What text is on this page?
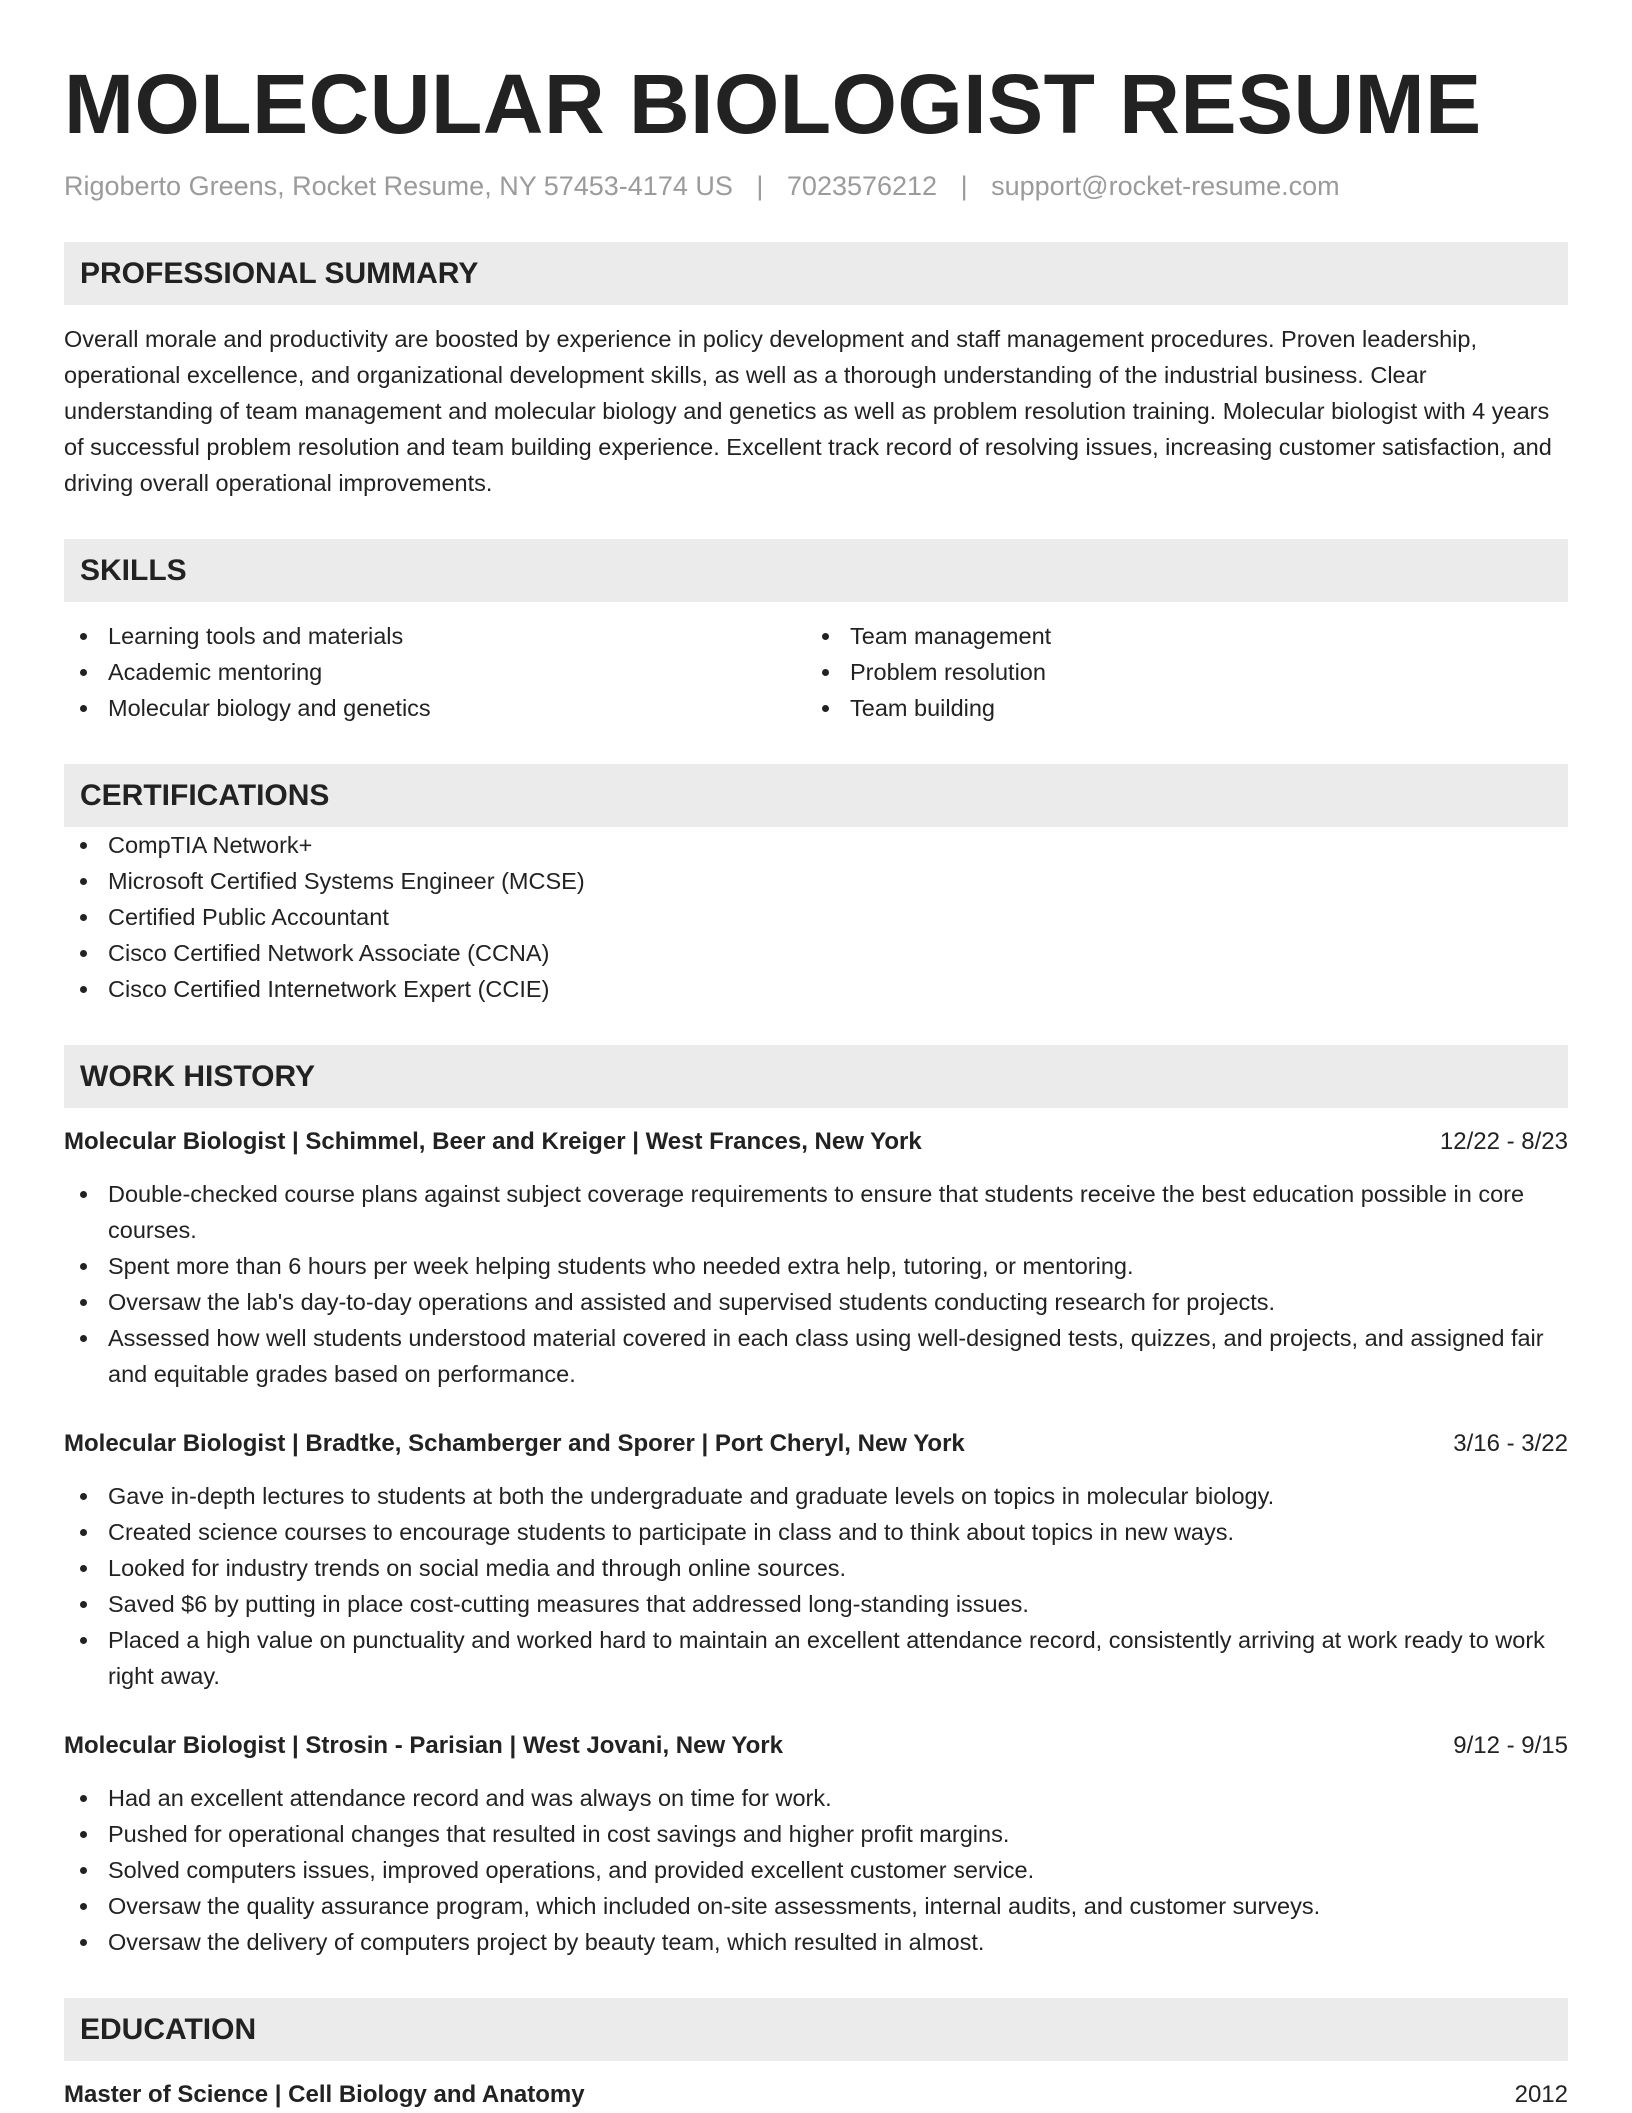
MOLECULAR BIOLOGIST RESUME
Rigoberto Greens, Rocket Resume, NY 57453-4174 US | 7023576212 | support@rocket-resume.com
PROFESSIONAL SUMMARY
Overall morale and productivity are boosted by experience in policy development and staff management procedures. Proven leadership, operational excellence, and organizational development skills, as well as a thorough understanding of the industrial business. Clear understanding of team management and molecular biology and genetics as well as problem resolution training. Molecular biologist with 4 years of successful problem resolution and team building experience. Excellent track record of resolving issues, increasing customer satisfaction, and driving overall operational improvements.
SKILLS
Learning tools and materials
Academic mentoring
Molecular biology and genetics
Team management
Problem resolution
Team building
CERTIFICATIONS
CompTIA Network+
Microsoft Certified Systems Engineer (MCSE)
Certified Public Accountant
Cisco Certified Network Associate (CCNA)
Cisco Certified Internetwork Expert (CCIE)
WORK HISTORY
Molecular Biologist | Schimmel, Beer and Kreiger | West Frances, New York	12/22 - 8/23
Double-checked course plans against subject coverage requirements to ensure that students receive the best education possible in core courses.
Spent more than 6 hours per week helping students who needed extra help, tutoring, or mentoring.
Oversaw the lab's day-to-day operations and assisted and supervised students conducting research for projects.
Assessed how well students understood material covered in each class using well-designed tests, quizzes, and projects, and assigned fair and equitable grades based on performance.
Molecular Biologist | Bradtke, Schamberger and Sporer | Port Cheryl, New York	3/16 - 3/22
Gave in-depth lectures to students at both the undergraduate and graduate levels on topics in molecular biology.
Created science courses to encourage students to participate in class and to think about topics in new ways.
Looked for industry trends on social media and through online sources.
Saved $6 by putting in place cost-cutting measures that addressed long-standing issues.
Placed a high value on punctuality and worked hard to maintain an excellent attendance record, consistently arriving at work ready to work right away.
Molecular Biologist | Strosin - Parisian | West Jovani, New York	9/12 - 9/15
Had an excellent attendance record and was always on time for work.
Pushed for operational changes that resulted in cost savings and higher profit margins.
Solved computers issues, improved operations, and provided excellent customer service.
Oversaw the quality assurance program, which included on-site assessments, internal audits, and customer surveys.
Oversaw the delivery of computers project by beauty team, which resulted in almost.
EDUCATION
Master of Science | Cell Biology and Anatomy	2012
